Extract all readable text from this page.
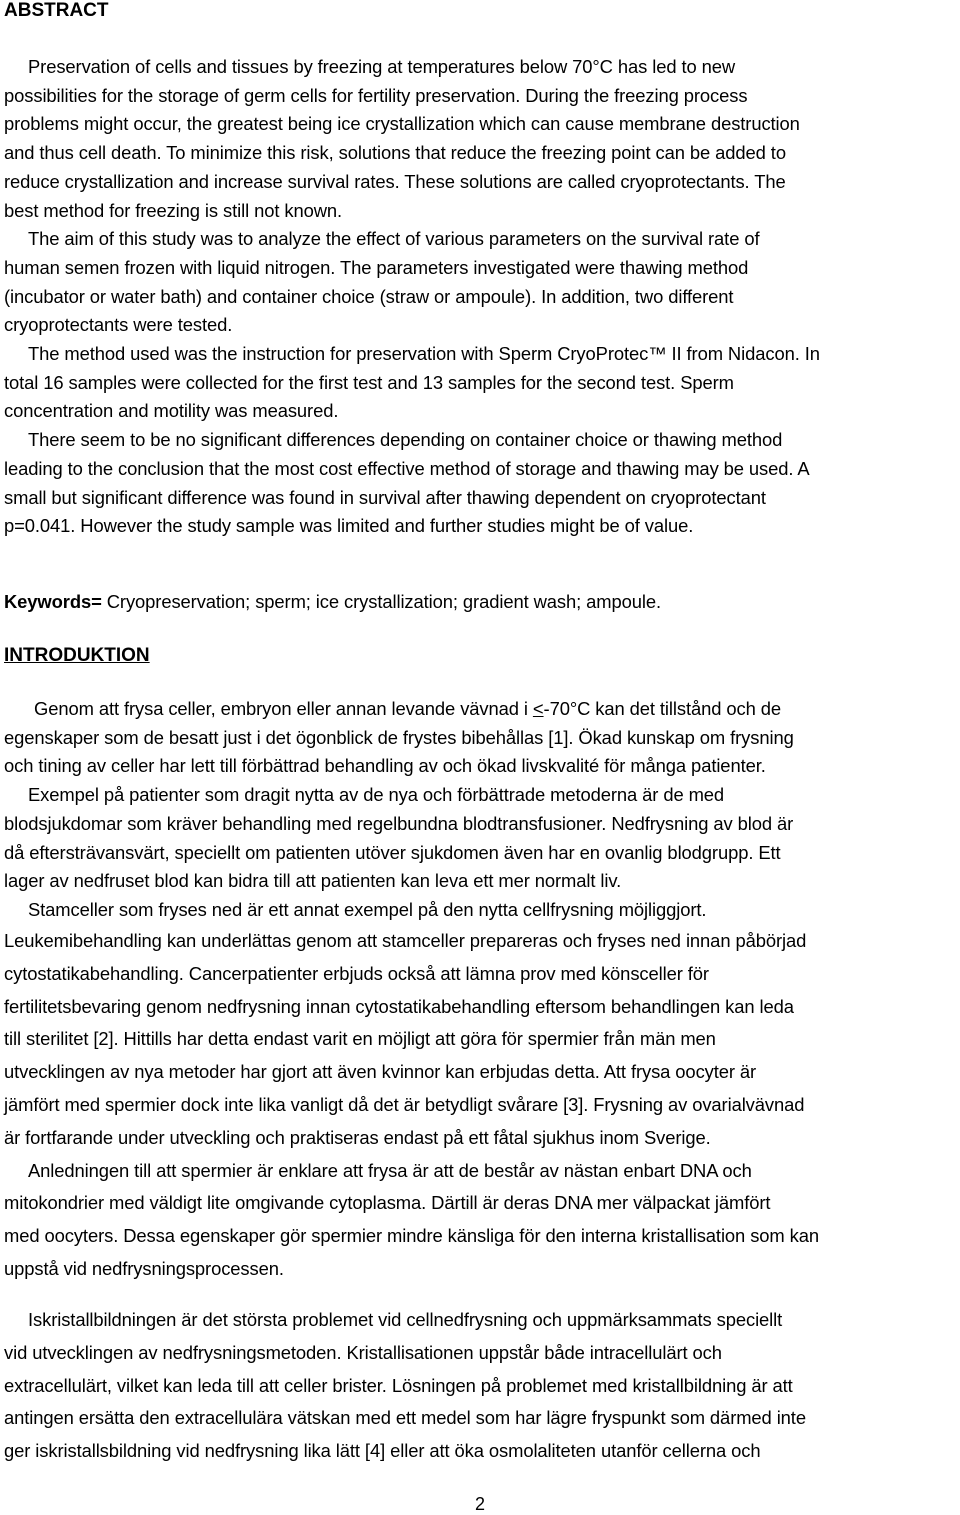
ABSTRACT
Preservation of cells and tissues by freezing at temperatures below 70°C has led to new
possibilities for the storage of germ cells for fertility preservation. During the freezing process
problems might occur, the greatest being ice crystallization which can cause membrane destruction
and thus cell death. To minimize this risk, solutions that reduce the freezing point can be added to
reduce crystallization and increase survival rates. These solutions are called cryoprotectants. The
best method for freezing is still not known.
The aim of this study was to analyze the effect of various parameters on the survival rate of
human semen frozen with liquid nitrogen. The parameters investigated were thawing method
(incubator or water bath) and container choice (straw or ampoule). In addition, two different
cryoprotectants were tested.
The method used was the instruction for preservation with Sperm CryoProtec™ II from Nidacon. In
total 16 samples were collected for the first test and 13 samples for the second test. Sperm
concentration and motility was measured.
There seem to be no significant differences depending on container choice or thawing method
leading to the conclusion that the most cost effective method of storage and thawing may be used. A
small but significant difference was found in survival after thawing dependent on cryoprotectant
p=0.041. However the study sample was limited and further studies might be of value.

Keywords= Cryopreservation; sperm; ice crystallization; gradient wash; ampoule.

INTRODUKTION
Genom att frysa celler, embryon eller annan levande vävnad i ≤-70°C kan det tillstånd och de
egenskaper som de besatt just i det ögonblick de frystes bibehållas [1]. Ökad kunskap om frysning
och tining av celler har lett till förbättrad behandling av och ökad livskvalité för många patienter.
Exempel på patienter som dragit nytta av de nya och förbättrade metoderna är de med
blodsjukdomar som kräver behandling med regelbundna blodtransfusioner. Nedfrysning av blod är
då eftersträvansvärt, speciellt om patienten utöver sjukdomen även har en ovanlig blodgrupp. Ett
lager av nedfruset blod kan bidra till att patienten kan leva ett mer normalt liv.
Stamceller som fryses ned är ett annat exempel på den nytta cellfrysning möjliggjort.
Leukemibehandling kan underlättas genom att stamceller prepareras och fryses ned innan påbörjad
cytostatikabehandling. Cancerpatienter erbjuds också att lämna prov med könsceller för
fertilitetsbevaring genom nedfrysning innan cytostatikabehandling eftersom behandlingen kan leda
till sterilitet [2]. Hittills har detta endast varit en möjligt att göra för spermier från män men
utvecklingen av nya metoder har gjort att även kvinnor kan erbjudas detta. Att frysa oocyter är
jämfört med spermier dock inte lika vanligt då det är betydligt svårare [3]. Frysning av ovarialvävnad
är fortfarande under utveckling och praktiseras endast på ett fåtal sjukhus inom Sverige.
Anledningen till att spermier är enklare att frysa är att de består av nästan enbart DNA och
mitokondrier med väldigt lite omgivande cytoplasma. Därtill är deras DNA mer välpackat jämfört
med oocyters. Dessa egenskaper gör spermier mindre känsliga för den interna kristallisation som kan
uppstå vid nedfrysningsprocessen.
Iskristallbildningen är det största problemet vid cellnedfrysning och uppmärksammats speciellt
vid utvecklingen av nedfrysningsmetoden. Kristallisationen uppstår både intracellulärt och
extracellulärt, vilket kan leda till att celler brister. Lösningen på problemet med kristallbildning är att
antingen ersätta den extracellulära vätskan med ett medel som har lägre fryspunkt som därmed inte
ger iskristallsbildning vid nedfrysning lika lätt [4] eller att öka osmolaliteten utanför cellerna och

2
